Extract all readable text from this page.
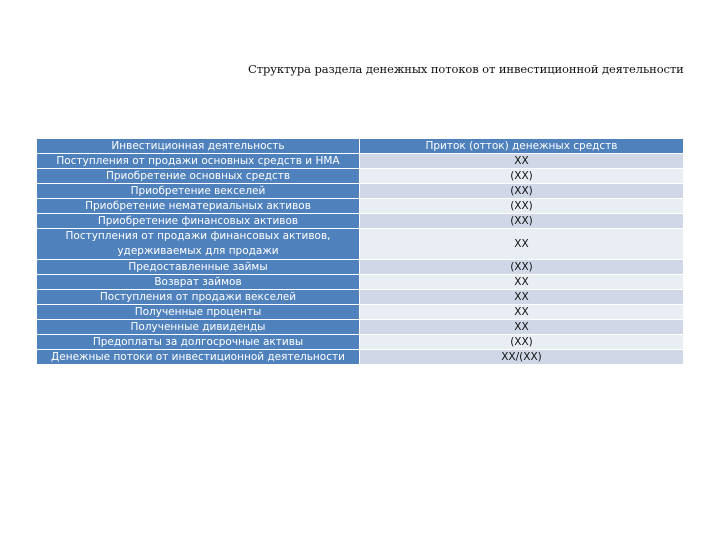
Структура раздела денежных потоков от инвестиционной деятельности
Инвестиционная деятельность	Приток (отток) денежных средств
Поступления от продажи основных средств и НМА	XX
Приобретение основных средств	(XX)
Приобретение векселей	(XX)
Приобретение нематериальных активов	(XX)
Приобретение финансовых активов	(XX)
Поступления от продажи финансовых активов, удерживаемых для продажи	XX
Предоставленные займы	(XX)
Возврат займов	XX
Поступления от продажи векселей	XX
Полученные проценты	XX
Полученные дивиденды	XX
Предоплаты за долгосрочные активы	(XX)
Денежные потоки от инвестиционной деятельности	XX/(XX)
